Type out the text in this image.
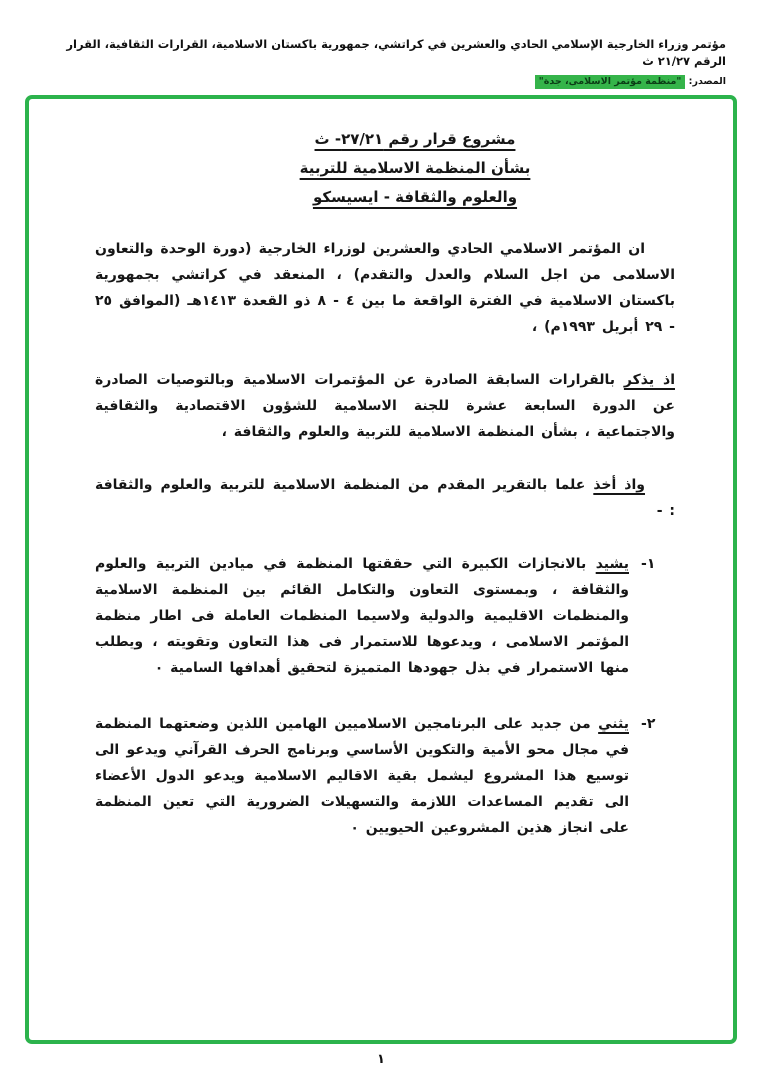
مؤتمر وزراء الخارجية الإسلامي الحادي والعشرين في كراتشي، جمهورية باكستان الاسلامية، القرارات الثقافية، القرار الرقم ٢١/٢٧ ث
المصدر: "منظمة مؤتمر الاسلامى، جدة"
مشروع قرار رقم ٢٧/٢١- ث
بشأن المنظمة الاسلامية للتربية
والعلوم والثقافة - ايسيسكو

ان المؤتمر الاسلامي الحادي والعشرين لوزراء الخارجية (دورة الوحدة والتعاون الاسلامى من اجل السلام والعدل والتقدم) ، المنعقد في كراتشي بجمهورية باكستان الاسلامية في الفترة الواقعة ما بين ٤ - ٨ ذو القعدة ١٤١٣هـ (الموافق ٢٥ - ٢٩ أبريل ١٩٩٣م) ،

اذ يذكر بالقرارات السابقة الصادرة عن المؤتمرات الاسلامية وبالتوصيات الصادرة عن الدورة السابعة عشرة للجنة الاسلامية للشؤون الاقتصادية والثقافية والاجتماعية ، بشأن المنظمة الاسلامية للتربية والعلوم والثقافة ،

واذ أخذ علما بالتقرير المقدم من المنظمة الاسلامية للتربية والعلوم والثقافة : -

-١
يشيد بالانجازات الكبيرة التي حققتها المنظمة في ميادين التربية والعلوم والثقافة ، وبمستوى التعاون والتكامل القائم بين المنظمة الاسلامية والمنظمات الاقليمية والدولية ولاسيما المنظمات العاملة فى اطار منظمة المؤتمر الاسلامى ، ويدعوها للاستمرار فى هذا التعاون وتقويته ، ويطلب منها الاستمرار في بذل جهودها المتميزة لتحقيق أهدافها السامية ٠
-٢
يثني من جديد على البرنامجين الاسلاميين الهامين اللذين وضعتهما المنظمة في مجال محو الأمية والتكوين الأساسي وبرنامج الحرف القرآني ويدعو الى توسيع هذا المشروع ليشمل بقية الاقاليم الاسلامية ويدعو الدول الأعضاء الى تقديم المساعدات اللازمة والتسهيلات الضرورية التي تعين المنظمة على انجاز هذين المشروعين الحيويين ٠
١
